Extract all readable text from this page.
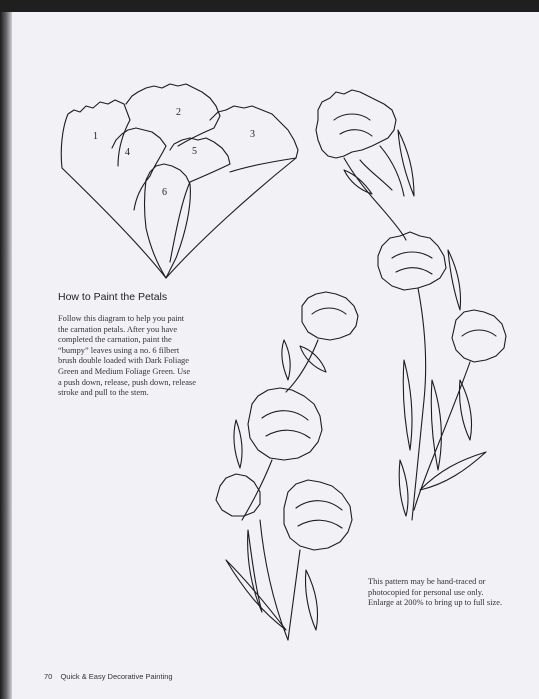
1
2
3
4	5
6
How to Paint the Petals
Follow this diagram to help you paint
the carnation petals. After you have
completed the carnation, paint the
“bumpy” leaves using a no. 6 filbert
brush double loaded with Dark Foliage
Green and Medium Foliage Green. Use
a push down, release, push down, release
stroke and pull to the stem.
This pattern may be hand-traced or
photocopied for personal use only.
Enlarge at 200% to bring up to full size.
70 Quick & Easy Decorative Painting
